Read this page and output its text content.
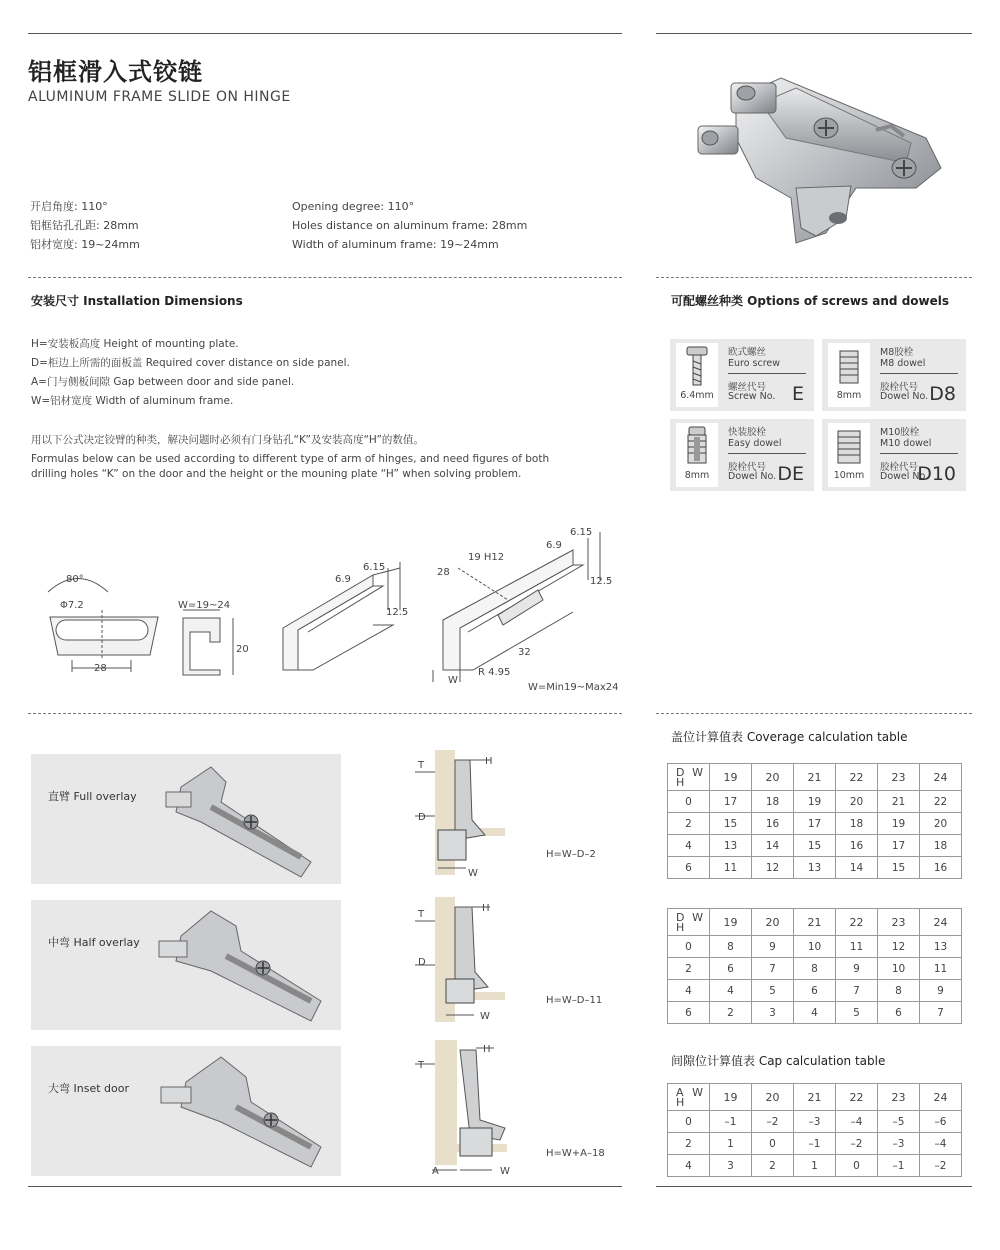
铝框滑入式铰链
ALUMINUM FRAME SLIDE ON HINGE
开启角度: 110°
铝框钻孔孔距: 28mm
铝材宽度: 19~24mm
Opening degree: 110°
Holes distance on aluminum frame: 28mm
Width of aluminum frame: 19~24mm
安装尺寸 Installation Dimensions
H=安装板高度 Height of mounting plate.
D=柜边上所需的面板盖 Required cover distance on side panel.
A=门与侧板间隙 Gap between door and side panel.
W=铝材宽度 Width of aluminum frame.
用以下公式决定铰臂的种类，解决问题时必须有门身钻孔“K”及安装高度“H”的数值。
Formulas below can be used according to different type of arm of hinges, and need figures of both
drilling holes “K” on the door and the height or the mouning plate “H” when solving problem.
80°
Φ7.2
28
W=19~24
20
6.15
6.9
12.5
6.15
6.9
12.5
19 H12
28
32
R 4.95
W
W=Min19~Max24
可配螺丝种类 Options of screws and dowels
6.4mm
欧式螺丝
Euro screw
螺丝代号
Screw No. E	8mm
M8胶栓
M8 dowel
胶栓代号
Dowel No. D8
8mm
快装胶栓
Easy dowel
胶栓代号
Dowel No. DE	10mm
M10胶栓
M10 dowel
胶栓代号
Dowel No.
D10
直臂 Full overlay
中弯 Half overlay
大弯 Inset door
T	H
D
W
H=W–D–2
T
H
D
W
H=W–D–11
T
H
A	W
H=W+A–18
盖位计算值表 Coverage calculation table
D W
H	19	20	21	22	23	24
0	17	18	19	20	21	22
2	15	16	17	18	19	20
4	13	14	15	16	17	18
6	11	12	13	14	15	16
D W
H	19	20	21	22	23	24
0	8	9	10	11	12	13
2	6	7	8	9	10	11
4	4	5	6	7	8	9
6	2	3	4	5	6	7
间隙位计算值表 Cap calculation table
A W
H	19	20	21	22	23	24
0	–1	–2	–3	–4	–5	–6
2	1	0	–1	–2	–3	–4
4	3	2	1	0	–1	–2
